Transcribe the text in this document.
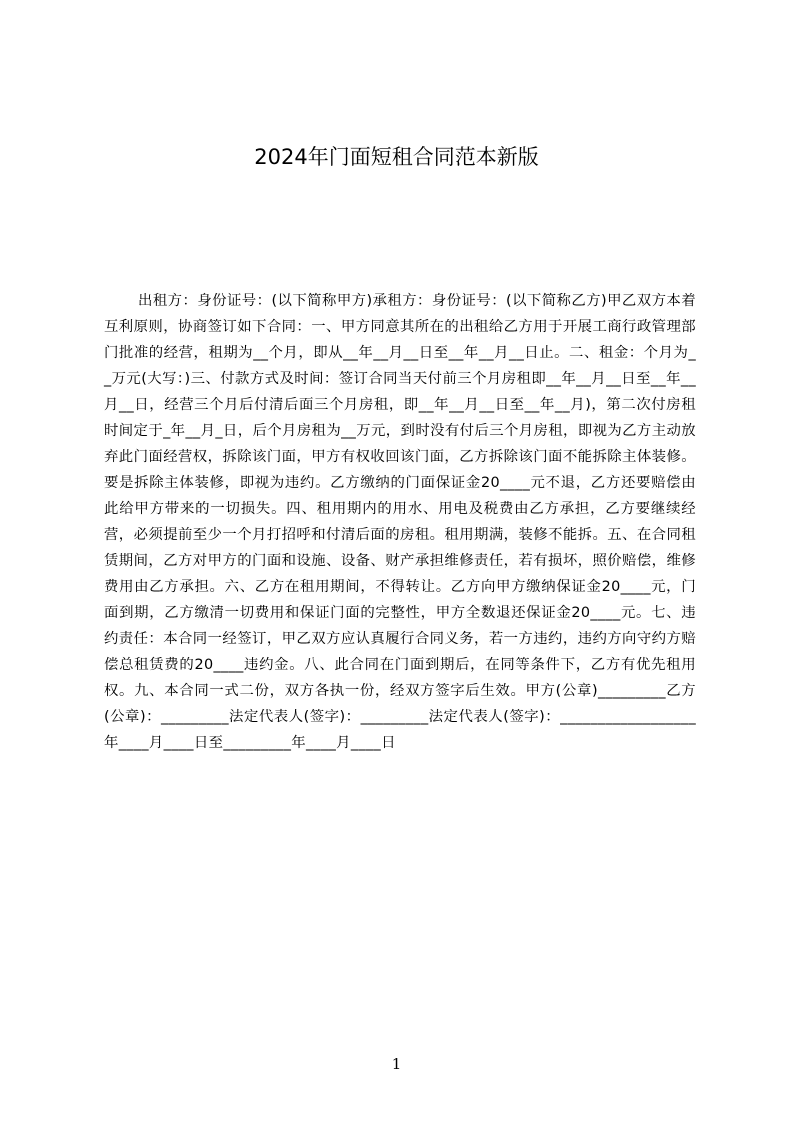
2024年门面短租合同范本新版

出租方：身份证号：(以下简称甲方)承租方：身份证号：(以下简称乙方)甲乙双方本着互利原则，协商签订如下合同：一、甲方同意其所在的出租给乙方用于开展工商行政管理部门批准的经营，租期为__个月，即从__年__月__日至__年__月__日止。二、租金：个月为__万元(大写：)三、付款方式及时间：签订合同当天付前三个月房租即__年__月__日至__年__月__日，经营三个月后付清后面三个月房租，即__年__月__日至__年__月)，第二次付房租时间定于_年__月_日，后个月房租为__万元，到时没有付后三个月房租，即视为乙方主动放弃此门面经营权，拆除该门面，甲方有权收回该门面，乙方拆除该门面不能拆除主体装修。要是拆除主体装修，即视为违约。乙方缴纳的门面保证金20____元不退，乙方还要赔偿由此给甲方带来的一切损失。四、租用期内的用水、用电及税费由乙方承担，乙方要继续经营，必须提前至少一个月打招呼和付清后面的房租。租用期满，装修不能拆。五、在合同租赁期间，乙方对甲方的门面和设施、设备、财产承担维修责任，若有损坏，照价赔偿，维修费用由乙方承担。六、乙方在租用期间，不得转让。乙方向甲方缴纳保证金20____元，门面到期，乙方缴清一切费用和保证门面的完整性，甲方全数退还保证金20____元。七、违约责任：本合同一经签订，甲乙双方应认真履行合同义务，若一方违约，违约方向守约方赔偿总租赁费的20____违约金。八、此合同在门面到期后，在同等条件下，乙方有优先租用权。九、本合同一式二份，双方各执一份，经双方签字后生效。甲方(公章)_________乙方(公章)：_________法定代表人(签字)：_________法定代表人(签字)：__________________年____月____日至_________年____月____日

1
